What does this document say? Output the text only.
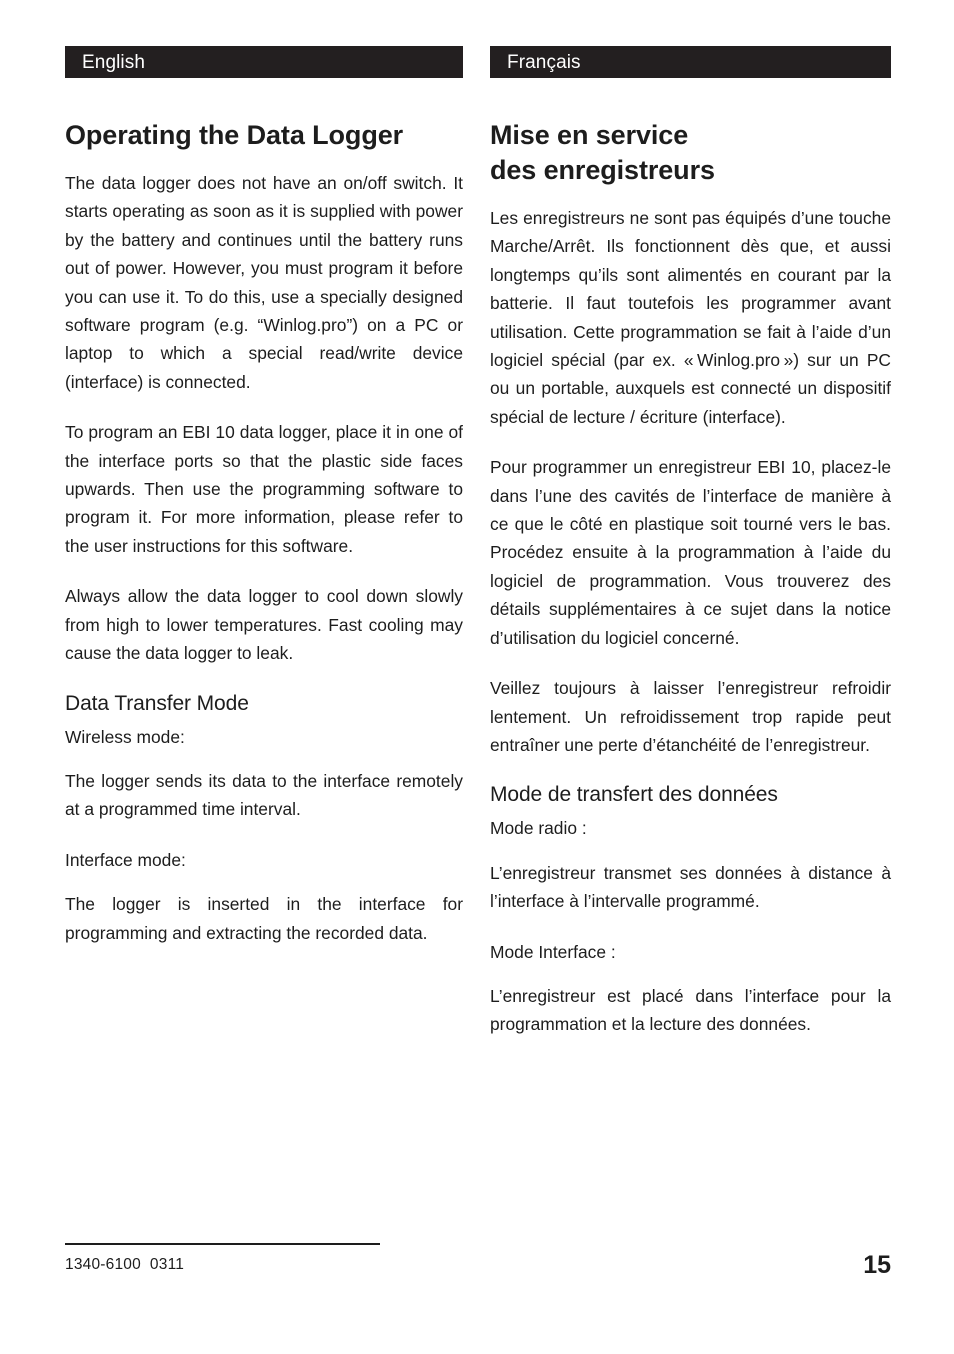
English
Operating the Data Logger

The data logger does not have an on/off switch. It starts operating as soon as it is supplied with power by the battery and continues until the battery runs out of power. However, you must program it before you can use it. To do this, use a specially designed software program (e.g. “Winlog.pro”) on a PC or laptop to which a special read/write device (interface) is connected.

To program an EBI 10 data logger, place it in one of the interface ports so that the plastic side faces upwards. Then use the programming software to program it. For more information, please refer to the user instructions for this software.

Always allow the data logger to cool down slowly from high to lower temperatures. Fast cooling may cause the data logger to leak.

Data Transfer Mode

Wireless mode:

The logger sends its data to the interface remotely at a programmed time interval.

Interface mode:

The logger is inserted in the interface for programming and extracting the recorded data.

Français
Mise en service
des enregistreurs

Les enregistreurs ne sont pas équipés d’une touche Marche/Arrêt. Ils fonctionnent dès que, et aussi longtemps qu’ils sont alimentés en courant par la batterie. Il faut toutefois les programmer avant utilisation. Cette programmation se fait à l’aide d’un logiciel spécial (par ex. « Winlog.pro ») sur un PC ou un portable, auxquels est connecté un dispositif spécial de lecture / écriture (interface).

Pour programmer un enregistreur EBI 10, placez-le dans l’une des cavités de l’interface de manière à ce que le côté en plastique soit tourné vers le bas. Procédez ensuite à la programmation à l’aide du logiciel de programmation. Vous trouverez des détails supplémentaires à ce sujet dans la notice d’utilisation du logiciel concerné.

Veillez toujours à laisser l’enregistreur refroidir lentement. Un refroidissement trop rapide peut entraîner une perte d’étanchéité de l’enregistreur.

Mode de transfert des données

Mode radio :

L’enregistreur transmet ses données à distance à l’interface à l’intervalle programmé.

Mode Interface :

L’enregistreur est placé dans l’interface pour la programmation et la lecture des données.

1340-6100  0311	15
